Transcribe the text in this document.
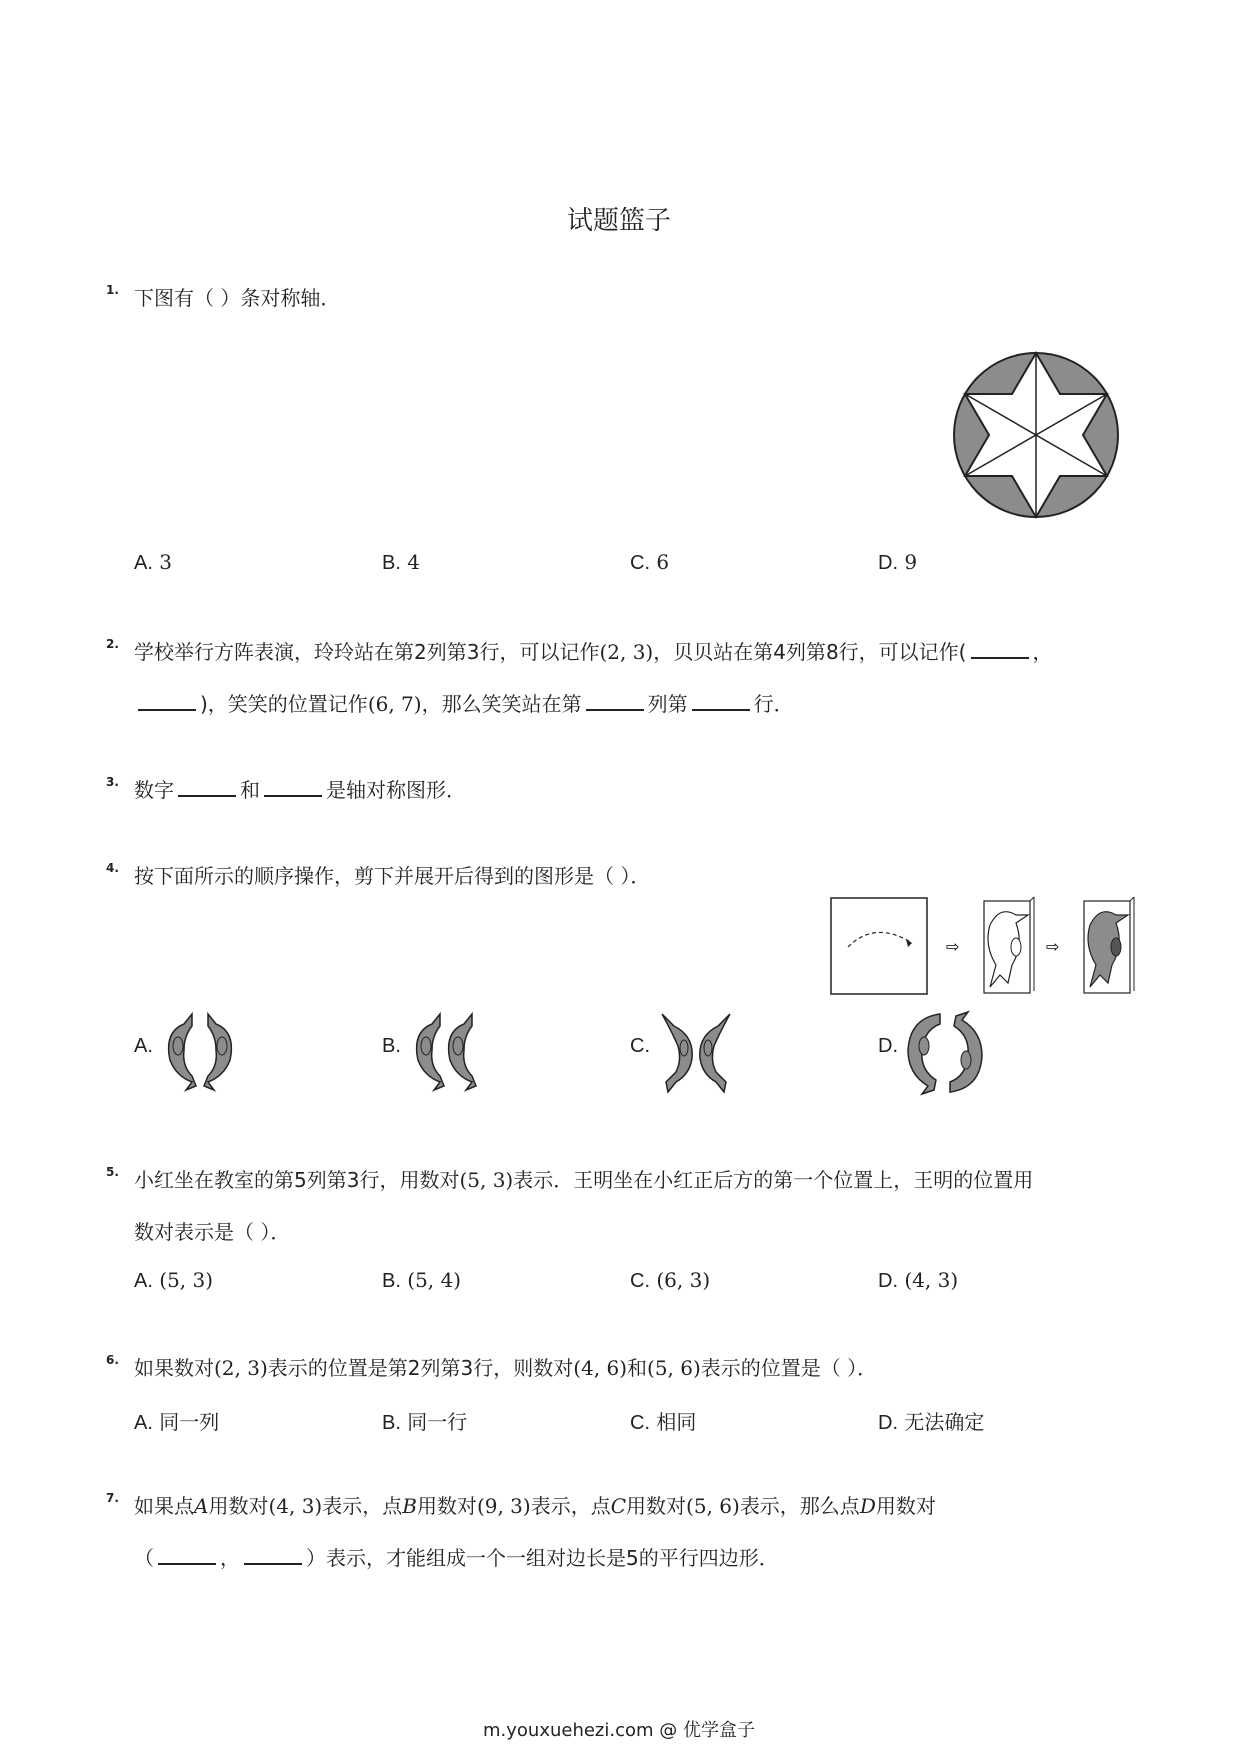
试题篮子
1. 下图有（ ）条对称轴．
A. 3	B. 4	C. 6	D. 9
2. 学校举行方阵表演，玲玲站在第2列第3行，可以记作(2, 3)，贝贝站在第4列第8行，可以记作(	，
)，笑笑的位置记作(6, 7)，那么笑笑站在第	列第	行．
3. 数字	和	是轴对称图形．
4. 按下面所示的顺序操作，剪下并展开后得到的图形是（ ）．
⇨	⇨
A.	B.	C.	D.
5. 小红坐在教室的第5列第3行，用数对(5, 3)表示．王明坐在小红正后方的第一个位置上，王明的位置用
数对表示是（ ）．
A. (5, 3)	B. (5, 4)	C. (6, 3)	D. (4, 3)
6. 如果数对(2, 3)表示的位置是第2列第3行，则数对(4, 6)和(5, 6)表示的位置是（ ）．
A. 同一列	B. 同一行	C. 相同	D. 无法确定
7. 如果点A用数对(4, 3)表示，点B用数对(9, 3)表示，点C用数对(5, 6)表示，那么点D用数对
（	，	）表示，才能组成一个一组对边长是5的平行四边形．
m.youxuehezi.com @ 优学盒子
